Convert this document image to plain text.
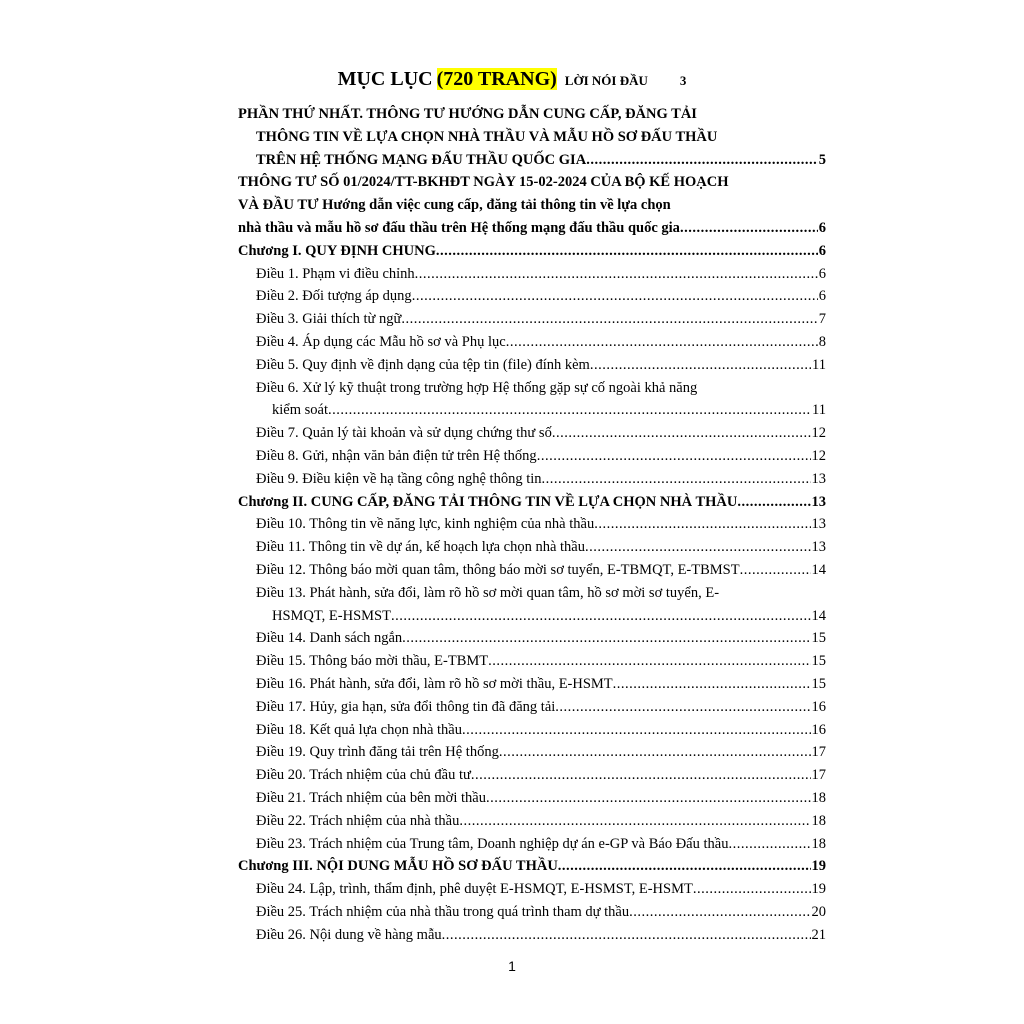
MỤC LỤC (720 TRANG) LỜI NÓI ĐẦU 3
PHẦN THỨ NHẤT. THÔNG TƯ HƯỚNG DẪN CUNG CẤP, ĐĂNG TẢI
THÔNG TIN VỀ LỰA CHỌN NHÀ THẦU VÀ MẪU HỒ SƠ ĐẤU THẦU
TRÊN HỆ THỐNG MẠNG ĐẤU THẦU QUỐC GIA .....	5
THÔNG TƯ SỐ 01/2024/TT-BKHĐT NGÀY 15-02-2024 CỦA BỘ KẾ HOẠCH
VÀ ĐẦU TƯ Hướng dẫn việc cung cấp, đăng tải thông tin về lựa chọn
nhà thầu và mẫu hồ sơ đấu thầu trên Hệ thống mạng đấu thầu quốc gia .....	6
Chương I. QUY ĐỊNH CHUNG .....	6
Điều 1. Phạm vi điều chỉnh .....	6
Điều 2. Đối tượng áp dụng .....	6
Điều 3. Giải thích từ ngữ .....	7
Điều 4. Áp dụng các Mẫu hồ sơ và Phụ lục .....	8
Điều 5. Quy định về định dạng của tệp tin (file) đính kèm .....	11
Điều 6. Xử lý kỹ thuật trong trường hợp Hệ thống gặp sự cố ngoài khả năng
kiểm soát .....	11
Điều 7. Quản lý tài khoản và sử dụng chứng thư số .....	12
Điều 8. Gửi, nhận văn bản điện tử trên Hệ thống .....	12
Điều 9. Điều kiện về hạ tầng công nghệ thông tin .....	13
Chương II. CUNG CẤP, ĐĂNG TẢI THÔNG TIN VỀ LỰA CHỌN NHÀ THẦU .....	13
Điều 10. Thông tin về năng lực, kinh nghiệm của nhà thầu .....	13
Điều 11. Thông tin về dự án, kế hoạch lựa chọn nhà thầu .....	13
Điều 12. Thông báo mời quan tâm, thông báo mời sơ tuyển, E-TBMQT, E-TBMST .....	14
Điều 13. Phát hành, sửa đổi, làm rõ hồ sơ mời quan tâm, hồ sơ mời sơ tuyển, E-
HSMQT, E-HSMST .....	14
Điều 14. Danh sách ngắn .....	15
Điều 15. Thông báo mời thầu, E-TBMT .....	15
Điều 16. Phát hành, sửa đổi, làm rõ hồ sơ mời thầu, E-HSMT .....	15
Điều 17. Hủy, gia hạn, sửa đổi thông tin đã đăng tải .....	16
Điều 18. Kết quả lựa chọn nhà thầu .....	16
Điều 19. Quy trình đăng tải trên Hệ thống .....	17
Điều 20. Trách nhiệm của chủ đầu tư .....	17
Điều 21. Trách nhiệm của bên mời thầu .....	18
Điều 22. Trách nhiệm của nhà thầu .....	18
Điều 23. Trách nhiệm của Trung tâm, Doanh nghiệp dự án e-GP và Báo Đấu thầu .....	18
Chương III. NỘI DUNG MẪU HỒ SƠ ĐẤU THẦU .....	19
Điều 24. Lập, trình, thẩm định, phê duyệt E-HSMQT, E-HSMST, E-HSMT .....	19
Điều 25. Trách nhiệm của nhà thầu trong quá trình tham dự thầu .....	20
Điều 26. Nội dung về hàng mẫu .....	21
1
